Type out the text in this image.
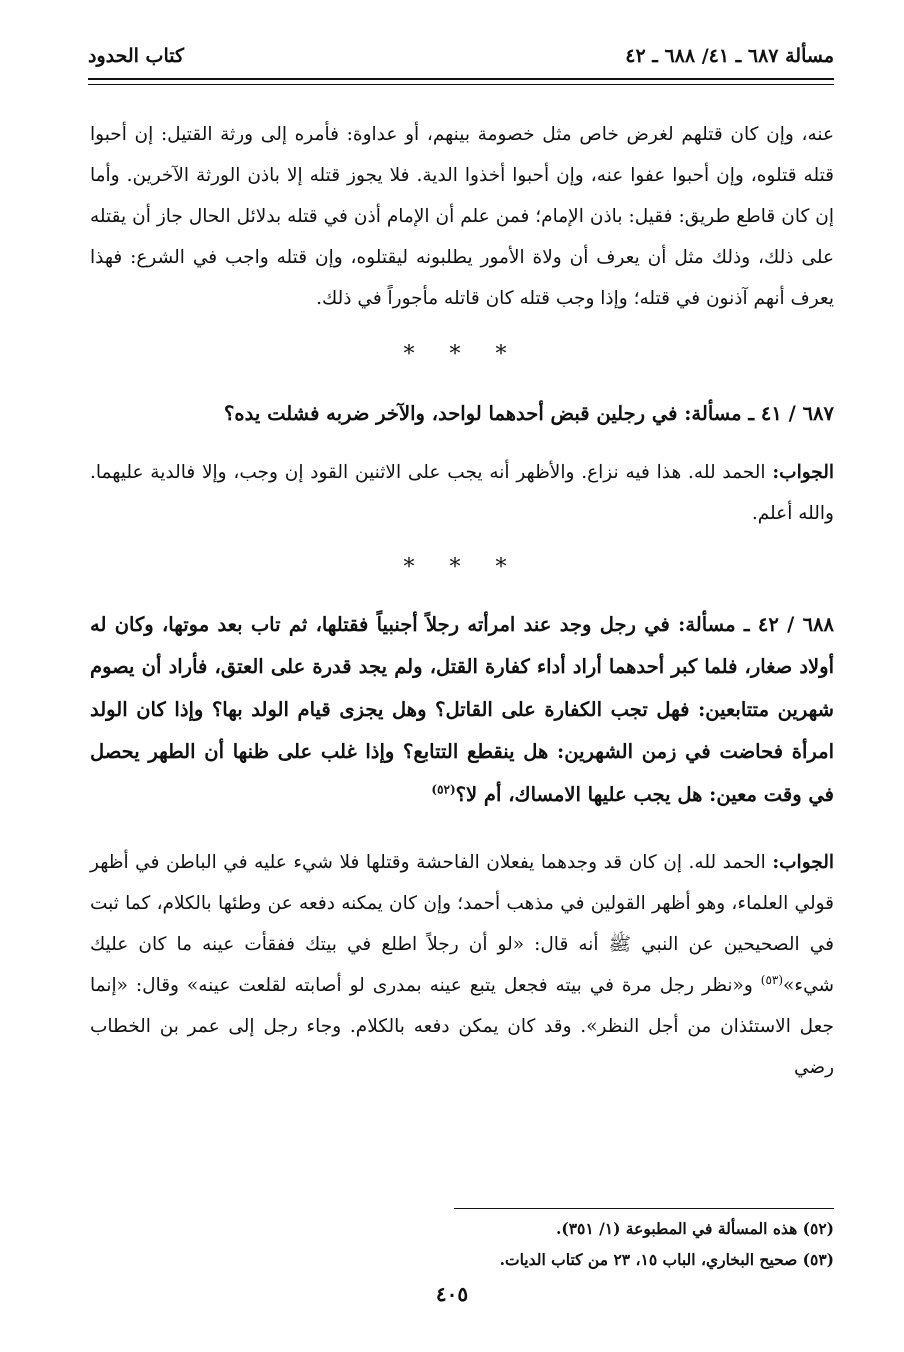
مسألة ٦٨٧ ـ ٤١/ ٦٨٨ ـ ٤٢
كتاب الحدود

عنه، وإن كان قتلهم لغرض خاص مثل خصومة بينهم، أو عداوة: فأمره إلى ورثة القتيل: إن أحبوا قتله قتلوه، وإن أحبوا عفوا عنه، وإن أحبوا أخذوا الدية. فلا يجوز قتله إلا باذن الورثة الآخرين. وأما إن كان قاطع طريق: فقيل: باذن الإمام؛ فمن علم أن الإمام أذن في قتله بدلائل الحال جاز أن يقتله على ذلك، وذلك مثل أن يعرف أن ولاة الأمور يطلبونه ليقتلوه، وإن قتله واجب في الشرع: فهذا يعرف أنهم آذنون في قتله؛ وإذا وجب قتله كان قاتله مأجوراً في ذلك.

* * *

٦٨٧ / ٤١ ـ مسألة: في رجلين قبض أحدهما لواحد، والآخر ضربه فشلت يده؟

الجواب: الحمد لله. هذا فيه نزاع. والأظهر أنه يجب على الاثنين القود إن وجب، وإلا فالدية عليهما. والله أعلم.

* * *

٦٨٨ / ٤٢ ـ مسألة: في رجل وجد عند امرأته رجلاً أجنبياً فقتلها، ثم تاب بعد موتها، وكان له أولاد صغار، فلما كبر أحدهما أراد أداء كفارة القتل، ولم يجد قدرة على العتق، فأراد أن يصوم شهرين متتابعين: فهل تجب الكفارة على القاتل؟ وهل يجزى قيام الولد بها؟ وإذا كان الولد امرأة فحاضت في زمن الشهرين: هل ينقطع التتابع؟ وإذا غلب على ظنها أن الطهر يحصل في وقت معين: هل يجب عليها الامساك، أم لا؟$^{(٥٢)}$

الجواب: الحمد لله. إن كان قد وجدهما يفعلان الفاحشة وقتلها فلا شيء عليه في الباطن في أظهر قولي العلماء، وهو أظهر القولين في مذهب أحمد؛ وإن كان يمكنه دفعه عن وطئها بالكلام، كما ثبت في الصحيحين عن النبي ﷺ أنه قال: «لو أن رجلاً اطلع في بيتك ففقأت عينه ما كان عليك شيء»$^{(٥٣)}$ و«نظر رجل مرة في بيته فجعل يتبع عينه بمدرى لو أصابته لقلعت عينه» وقال: «إنما جعل الاستئذان من أجل النظر». وقد كان يمكن دفعه بالكلام. وجاء رجل إلى عمر بن الخطاب رضي

(٥٢) هذه المسألة في المطبوعة (١/ ٣٥١).
(٥٣) صحيح البخاري، الباب ١٥، ٢٣ من كتاب الديات.
٤٠٥
